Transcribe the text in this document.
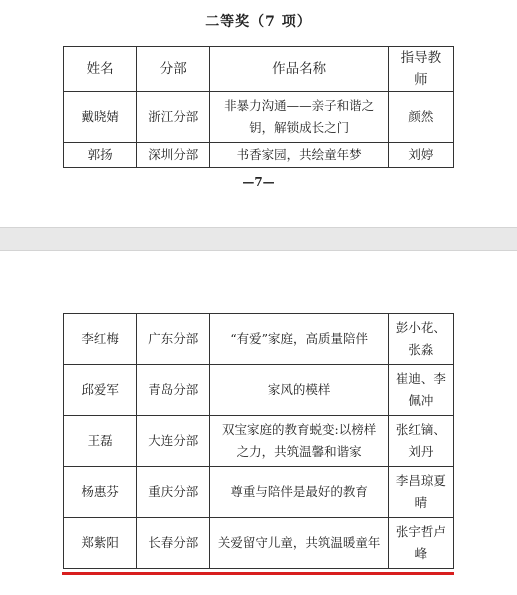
二等奖（7 项）
姓名	分部	作品名称	指导教师
戴晓婧	浙江分部	非暴力沟通——亲子和谐之钥，解锁成长之门	颜然
郭扬	深圳分部	书香家园，共绘童年梦	刘婷
—7—
李红梅	广东分部	“有爱”家庭，高质量陪伴	彭小花、张淼
邱爱军	青岛分部	家风的模样	崔迪、李佩冲
王磊	大连分部	双宝家庭的教育蜕变:以榜样之力，共筑温馨和谐家	张红镝、刘丹
杨惠芬	重庆分部	尊重与陪伴是最好的教育	李昌琼夏晴
郑紫阳	长春分部	关爱留守儿童，共筑温暖童年	张宇哲卢峰
